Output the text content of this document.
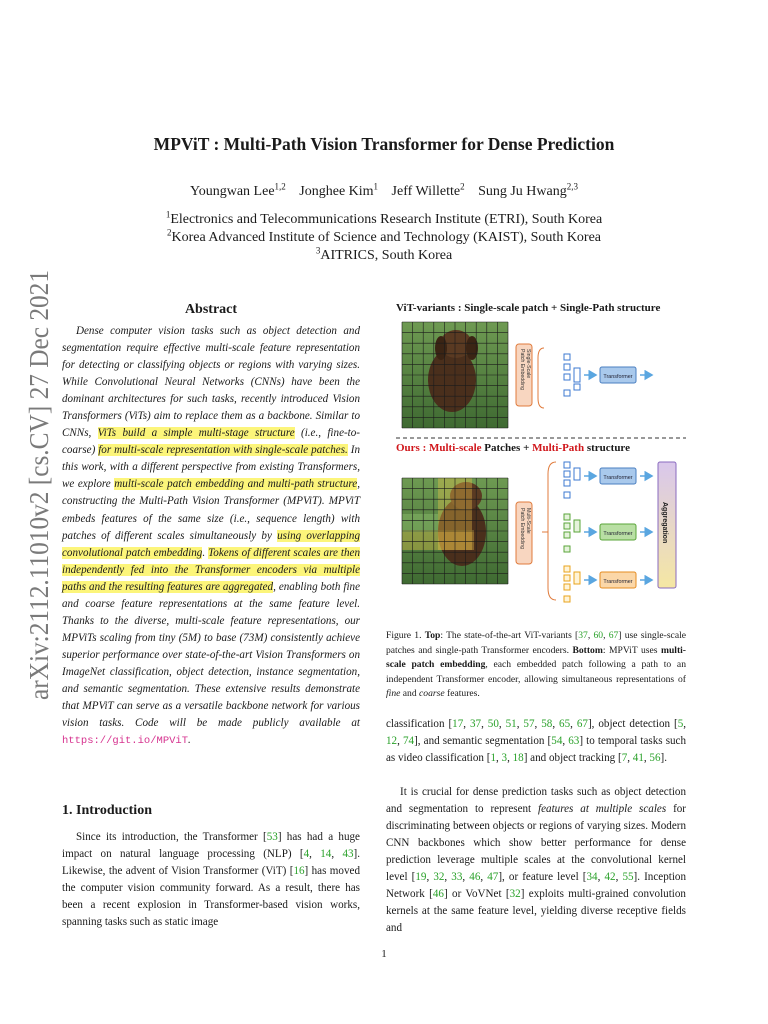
arXiv:2112.11010v2 [cs.CV] 27 Dec 2021
MPViT : Multi-Path Vision Transformer for Dense Prediction
Youngwan Lee$^{1,2}$ Jonghee Kim$^1$ Jeff Willette$^2$ Sung Ju Hwang$^{2,3}$
$^1$Electronics and Telecommunications Research Institute (ETRI), South Korea
$^2$Korea Advanced Institute of Science and Technology (KAIST), South Korea
$^3$AITRICS, South Korea
Abstract
Dense computer vision tasks such as object detection and segmentation require effective multi-scale feature representation for detecting or classifying objects or regions with varying sizes. While Convolutional Neural Networks (CNNs) have been the dominant architectures for such tasks, recently introduced Vision Transformers (ViTs) aim to replace them as a backbone. Similar to CNNs, ViTs build a simple multi-stage structure (i.e., fine-to-coarse) for multi-scale representation with single-scale patches. In this work, with a different perspective from existing Transformers, we explore multi-scale patch embedding and multi-path structure, constructing the Multi-Path Vision Transformer (MPViT). MPViT embeds features of the same size (i.e., sequence length) with patches of different scales simultaneously by using overlapping convolutional patch embedding. Tokens of different scales are then independently fed into the Transformer encoders via multiple paths and the resulting features are aggregated, enabling both fine and coarse feature representations at the same feature level. Thanks to the diverse, multi-scale feature representations, our MPViTs scaling from tiny (5M) to base (73M) consistently achieve superior performance over state-of-the-art Vision Transformers on ImageNet classification, object detection, instance segmentation, and semantic segmentation. These extensive results demonstrate that MPViT can serve as a versatile backbone network for various vision tasks. Code will be made publicly available at https://git.io/MPViT.
1. Introduction
Since its introduction, the Transformer [53] has had a huge impact on natural language processing (NLP) [4, 14, 43]. Likewise, the advent of Vision Transformer (ViT) [16] has moved the computer vision community forward. As a result, there has been a recent explosion in Transformer-based vision works, spanning tasks such as static image
ViT-variants : Single-scale patch + Single-Path structure
Ours : Multi-scale Patches + Multi-Path structure
Single-Scale
Patch Embedding	Transformer
Multi-Scale
Patch Embedding
Transformer
Transformer
Transformer
Aggregation
Figure 1. Top: The state-of-the-art ViT-variants [37, 60, 67] use single-scale patches and single-path Transformer encoders. Bottom: MPViT uses multi-scale patch embedding, each embedded patch following a path to an independent Transformer encoder, allowing simultaneous representations of fine and coarse features.
classification [17, 37, 50, 51, 57, 58, 65, 67], object detection [5, 12, 74], and semantic segmentation [54, 63] to temporal tasks such as video classification [1, 3, 18] and object tracking [7, 41, 56].
It is crucial for dense prediction tasks such as object detection and segmentation to represent features at multiple scales for discriminating between objects or regions of varying sizes. Modern CNN backbones which show better performance for dense prediction leverage multiple scales at the convolutional kernel level [19, 32, 33, 46, 47], or feature level [34, 42, 55]. Inception Network [46] or VoVNet [32] exploits multi-grained convolution kernels at the same feature level, yielding diverse receptive fields and
1
